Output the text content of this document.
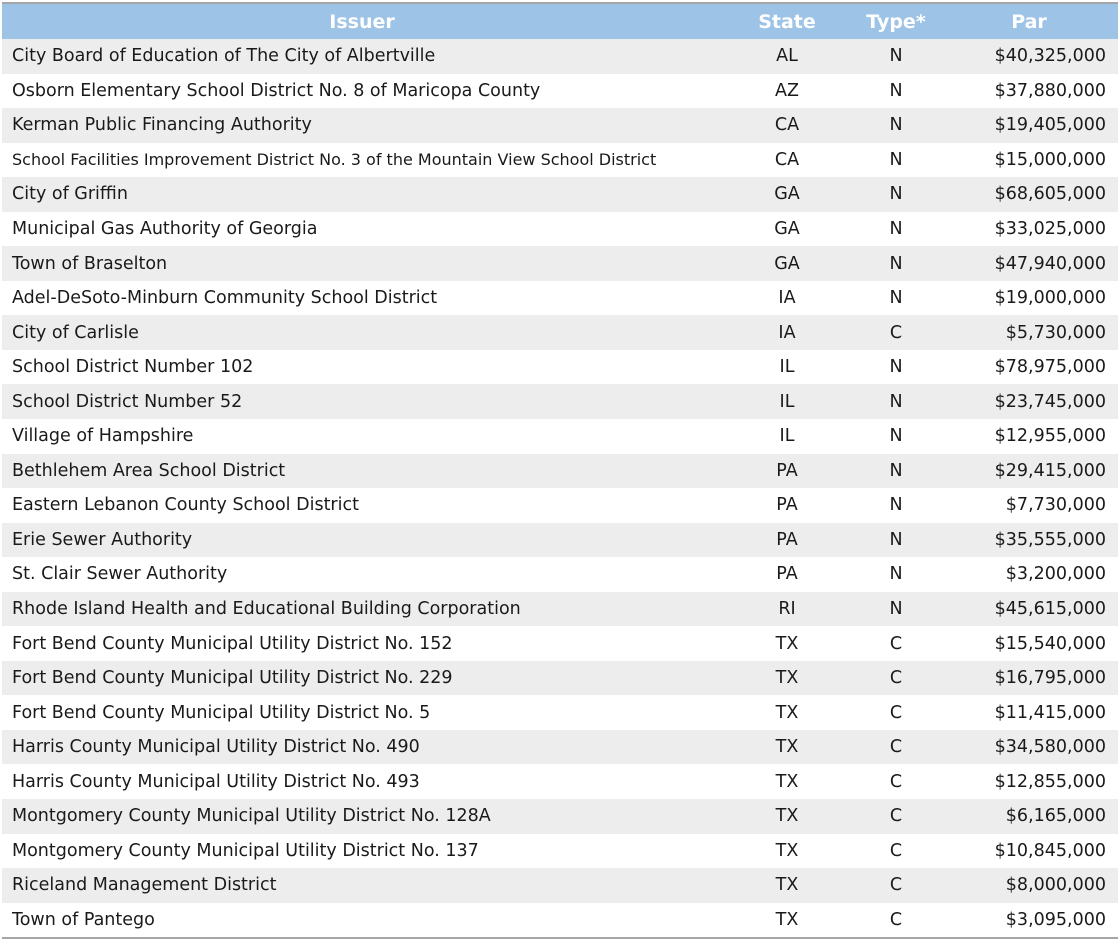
Issuer	State	Type*	Par
City Board of Education of The City of Albertville	AL	N	$40,325,000
Osborn Elementary School District No. 8 of Maricopa County	AZ	N	$37,880,000
Kerman Public Financing Authority	CA	N	$19,405,000
School Facilities Improvement District No. 3 of the Mountain View School District	CA	N	$15,000,000
City of Griffin	GA	N	$68,605,000
Municipal Gas Authority of Georgia	GA	N	$33,025,000
Town of Braselton	GA	N	$47,940,000
Adel-DeSoto-Minburn Community School District	IA	N	$19,000,000
City of Carlisle	IA	C	$5,730,000
School District Number 102	IL	N	$78,975,000
School District Number 52	IL	N	$23,745,000
Village of Hampshire	IL	N	$12,955,000
Bethlehem Area School District	PA	N	$29,415,000
Eastern Lebanon County School District	PA	N	$7,730,000
Erie Sewer Authority	PA	N	$35,555,000
St. Clair Sewer Authority	PA	N	$3,200,000
Rhode Island Health and Educational Building Corporation	RI	N	$45,615,000
Fort Bend County Municipal Utility District No. 152	TX	C	$15,540,000
Fort Bend County Municipal Utility District No. 229	TX	C	$16,795,000
Fort Bend County Municipal Utility District No. 5	TX	C	$11,415,000
Harris County Municipal Utility District No. 490	TX	C	$34,580,000
Harris County Municipal Utility District No. 493	TX	C	$12,855,000
Montgomery County Municipal Utility District No. 128A	TX	C	$6,165,000
Montgomery County Municipal Utility District No. 137	TX	C	$10,845,000
Riceland Management District	TX	C	$8,000,000
Town of Pantego	TX	C	$3,095,000
